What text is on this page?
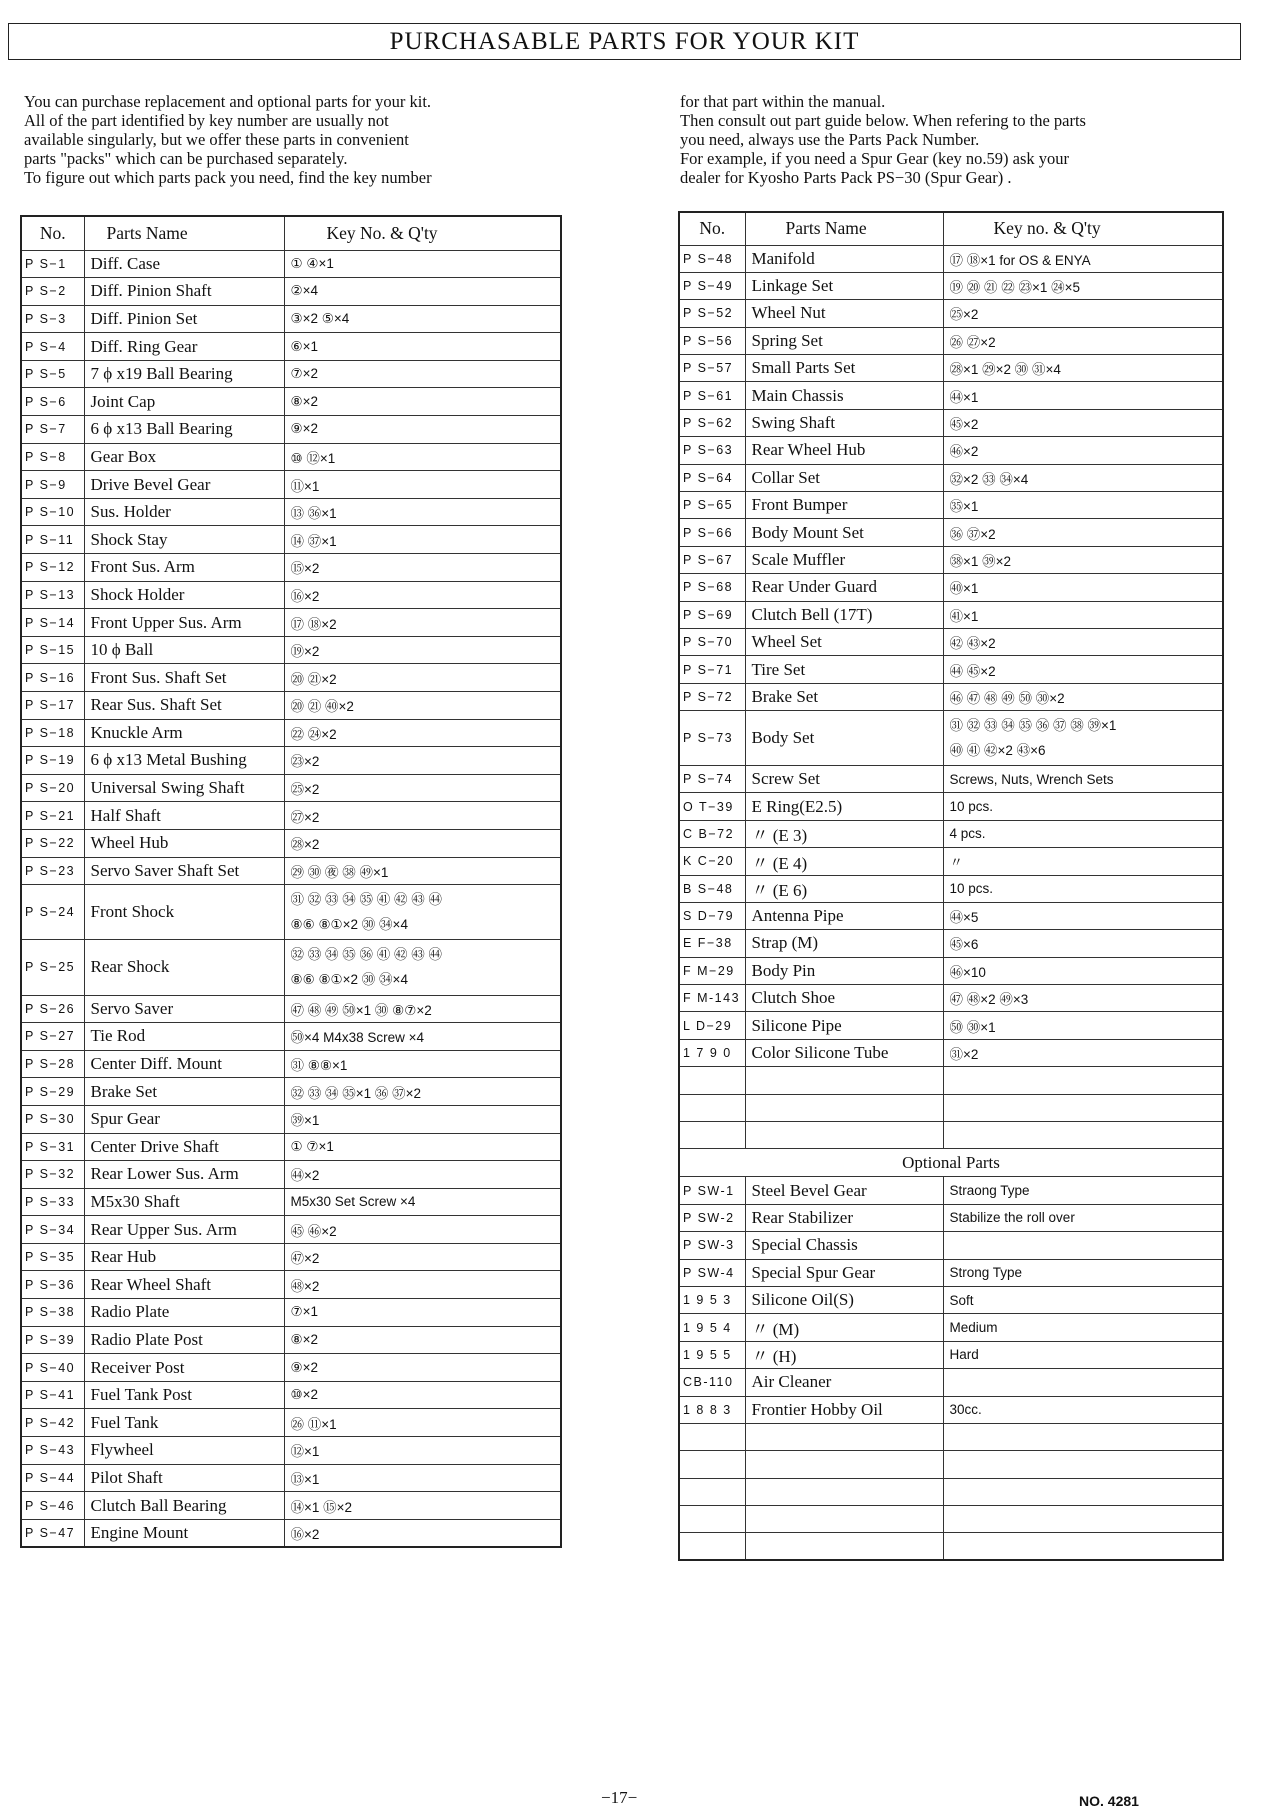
PURCHASABLE PARTS FOR YOUR KIT
You can purchase replacement and optional parts for your kit.
All of the part identified by key number are usually not
available singularly, but we offer these parts in convenient
parts "packs" which can be purchased separately.
To figure out which parts pack you need, find the key number
for that part within the manual.
Then consult out part guide below. When refering to the parts
you need, always use the Parts Pack Number.
For example, if you need a Spur Gear (key no.59) ask your
dealer for Kyosho Parts Pack PS−30 (Spur Gear) .
No.	Parts Name	Key No. & Q'ty
P S−1	Diff. Case	① ④×1
P S−2	Diff. Pinion Shaft	②×4
P S−3	Diff. Pinion Set	③×2 ⑤×4
P S−4	Diff. Ring Gear	⑥×1
P S−5	7 ϕ x19 Ball Bearing	⑦×2
P S−6	Joint Cap	⑧×2
P S−7	6 ϕ x13 Ball Bearing	⑨×2
P S−8	Gear Box	⑩ ⑫×1
P S−9	Drive Bevel Gear	⑪×1
P S−10	Sus. Holder	⑬ ㊱×1
P S−11	Shock Stay	⑭ ㊲×1
P S−12	Front Sus. Arm	⑮×2
P S−13	Shock Holder	⑯×2
P S−14	Front Upper Sus. Arm	⑰ ⑱×2
P S−15	10 ϕ Ball	⑲×2
P S−16	Front Sus. Shaft Set	⑳ ㉑×2
P S−17	Rear Sus. Shaft Set	⑳ ㉑ ㊵×2
P S−18	Knuckle Arm	㉒ ㉔×2
P S−19	6 ϕ x13 Metal Bushing	㉓×2
P S−20	Universal Swing Shaft	㉕×2
P S−21	Half Shaft	㉗×2
P S−22	Wheel Hub	㉘×2
P S−23	Servo Saver Shaft Set	㉙ ㉚ ㊰ ㊳ ㊾×1
P S−24	Front Shock	㉛ ㉜ ㉝ ㉞ ㉟ ㊶ ㊷ ㊸ ㊹
⑧⑥ ⑧①×2 ㉚ ㉞×4

P S−25	Rear Shock	㉜ ㉝ ㉞ ㉟ ㊱ ㊶ ㊷ ㊸ ㊹
⑧⑥ ⑧①×2 ㉚ ㉞×4

P S−26	Servo Saver	㊼ ㊽ ㊾ ㊿×1 ㉚ ⑧⑦×2
P S−27	Tie Rod	㊿×4 M4x38 Screw ×4
P S−28	Center Diff. Mount	㉛ ⑧⑧×1
P S−29	Brake Set	㉜ ㉝ ㉞ ㉟×1 ㊱ ㊲×2
P S−30	Spur Gear	㊴×1
P S−31	Center Drive Shaft	① ⑦×1
P S−32	Rear Lower Sus. Arm	㊹×2
P S−33	M5x30 Shaft	M5x30 Set Screw ×4
P S−34	Rear Upper Sus. Arm	㊺ ㊻×2
P S−35	Rear Hub	㊼×2
P S−36	Rear Wheel Shaft	㊽×2
P S−38	Radio Plate	⑦×1
P S−39	Radio Plate Post	⑧×2
P S−40	Receiver Post	⑨×2
P S−41	Fuel Tank Post	⑩×2
P S−42	Fuel Tank	㉖ ⑪×1
P S−43	Flywheel	⑫×1
P S−44	Pilot Shaft	⑬×1
P S−46	Clutch Ball Bearing	⑭×1 ⑮×2
P S−47	Engine Mount	⑯×2
No.	Parts Name	Key no. & Q'ty
P S−48	Manifold	⑰ ⑱×1 for OS & ENYA
P S−49	Linkage Set	⑲ ⑳ ㉑ ㉒ ㉓×1 ㉔×5
P S−52	Wheel Nut	㉕×2
P S−56	Spring Set	㉖ ㉗×2
P S−57	Small Parts Set	㉘×1 ㉙×2 ㉚ ㉛×4
P S−61	Main Chassis	㊹×1
P S−62	Swing Shaft	㊺×2
P S−63	Rear Wheel Hub	㊻×2
P S−64	Collar Set	㉜×2 ㉝ ㉞×4
P S−65	Front Bumper	㉟×1
P S−66	Body Mount Set	㊱ ㊲×2
P S−67	Scale Muffler	㊳×1 ㊴×2
P S−68	Rear Under Guard	㊵×1
P S−69	Clutch Bell (17T)	㊶×1
P S−70	Wheel Set	㊷ ㊸×2
P S−71	Tire Set	㊹ ㊺×2
P S−72	Brake Set	㊻ ㊼ ㊽ ㊾ ㊿ ㉚×2
P S−73	Body Set	㉛ ㉜ ㉝ ㉞ ㉟ ㊱ ㊲ ㊳ ㊴×1
㊵ ㊶ ㊷×2 ㊸×6

P S−74	Screw Set	Screws, Nuts, Wrench Sets
O T−39	E Ring(E2.5)	10 pcs.
C B−72	〃 (E 3)	4 pcs.
K C−20	〃 (E 4)	〃
B S−48	〃 (E 6)	10 pcs.
S D−79	Antenna Pipe	㊹×5
E F−38	Strap (M)	㊺×6
F M−29	Body Pin	㊻×10
F M-143	Clutch Shoe	㊼ ㊽×2 ㊾×3
L D−29	Silicone Pipe	㊿ ㉚×1
1 7 9 0	Color Silicone Tube	㉛×2

Optional Parts		
P SW-1	Steel Bevel Gear	Straong Type
P SW-2	Rear Stabilizer	Stabilize the roll over
P SW-3	Special Chassis	
P SW-4	Special Spur Gear	Strong Type
1 9 5 3	Silicone Oil(S)	Soft
1 9 5 4	〃 (M)	Medium
1 9 5 5	〃 (H)	Hard
CB-110	Air Cleaner	
1 8 8 3	Frontier Hobby Oil	30cc.

−17−	NO. 4281
